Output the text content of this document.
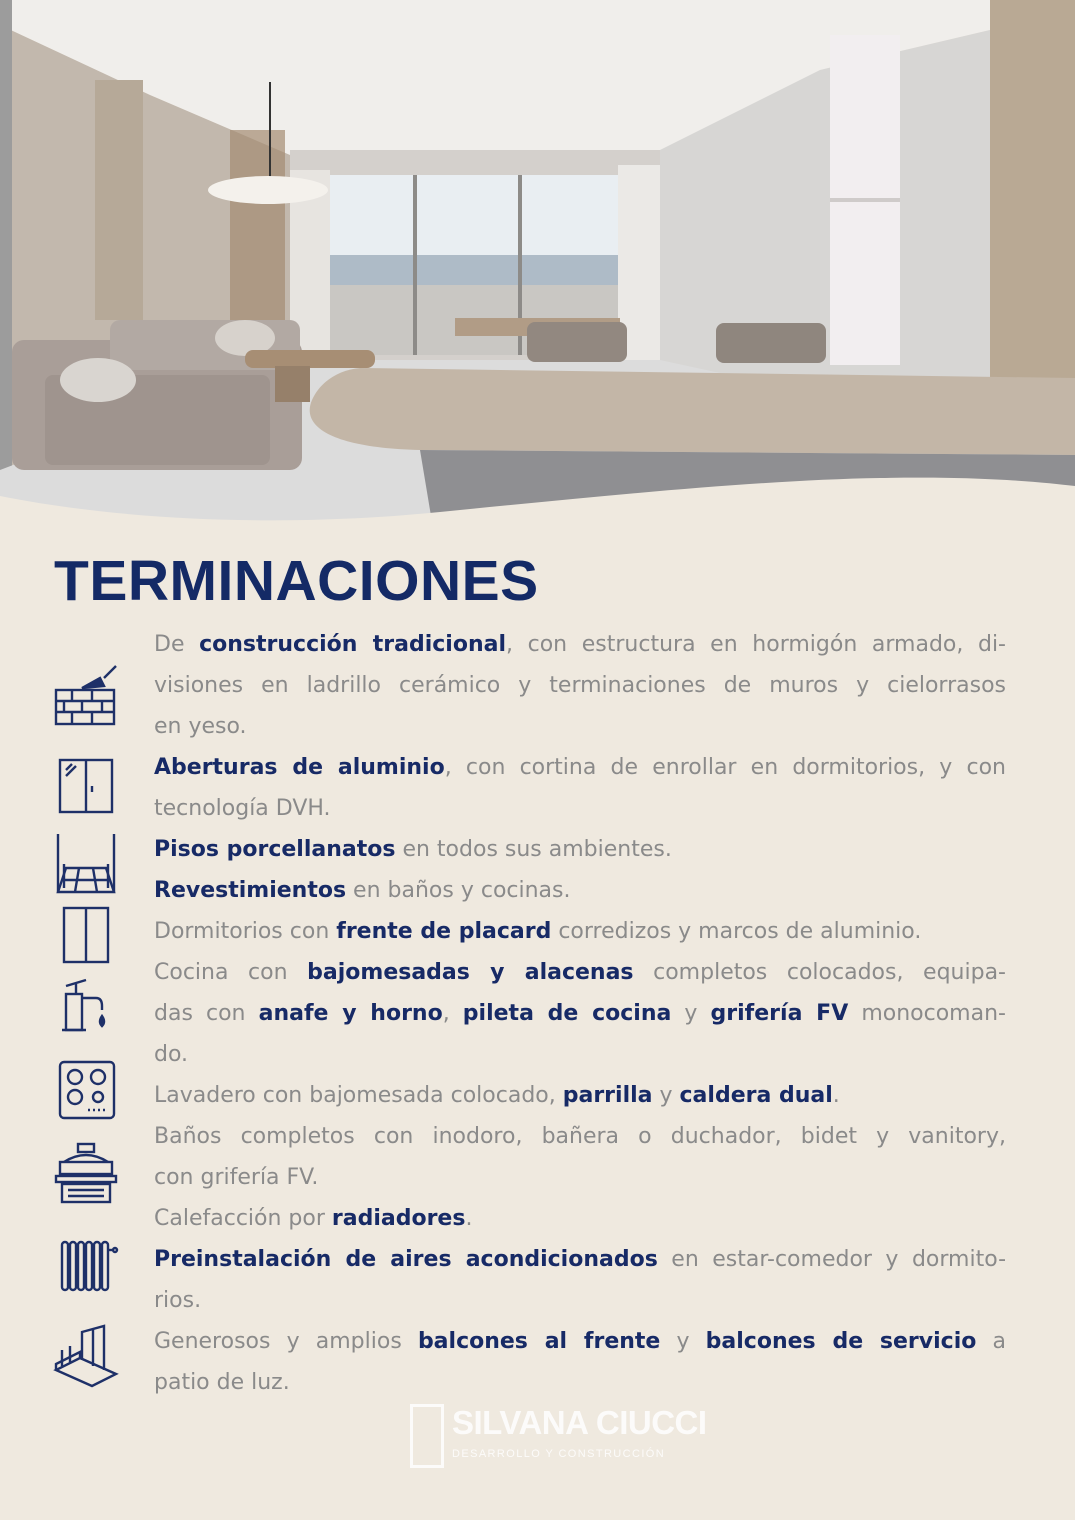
TERMINACIONES

De construcción tradicional, con estructura en hormigón armado, di-

visiones en ladrillo cerámico y terminaciones de muros y cielorrasos

en yeso.

Aberturas de aluminio, con cortina de enrollar en dormitorios, y con

tecnología DVH.

Pisos porcellanatos en todos sus ambientes.

Revestimientos en baños y cocinas.

Dormitorios con frente de placard corredizos y marcos de aluminio.

Cocina con bajomesadas y alacenas completos colocados, equipa-

das con anafe y horno, pileta de cocina y grifería FV monocoman-

do.

Lavadero con bajomesada colocado, parrilla y caldera dual.

Baños completos con inodoro, bañera o duchador, bidet y vanitory,

con grifería FV.

Calefacción por radiadores.

Preinstalación de aires acondicionados en estar-comedor y dormito-

rios.

Generosos y amplios balcones al frente y balcones de servicio a

patio de luz.

SILVANA CIUCCI
DESARROLLO Y CONSTRUCCIÓN
